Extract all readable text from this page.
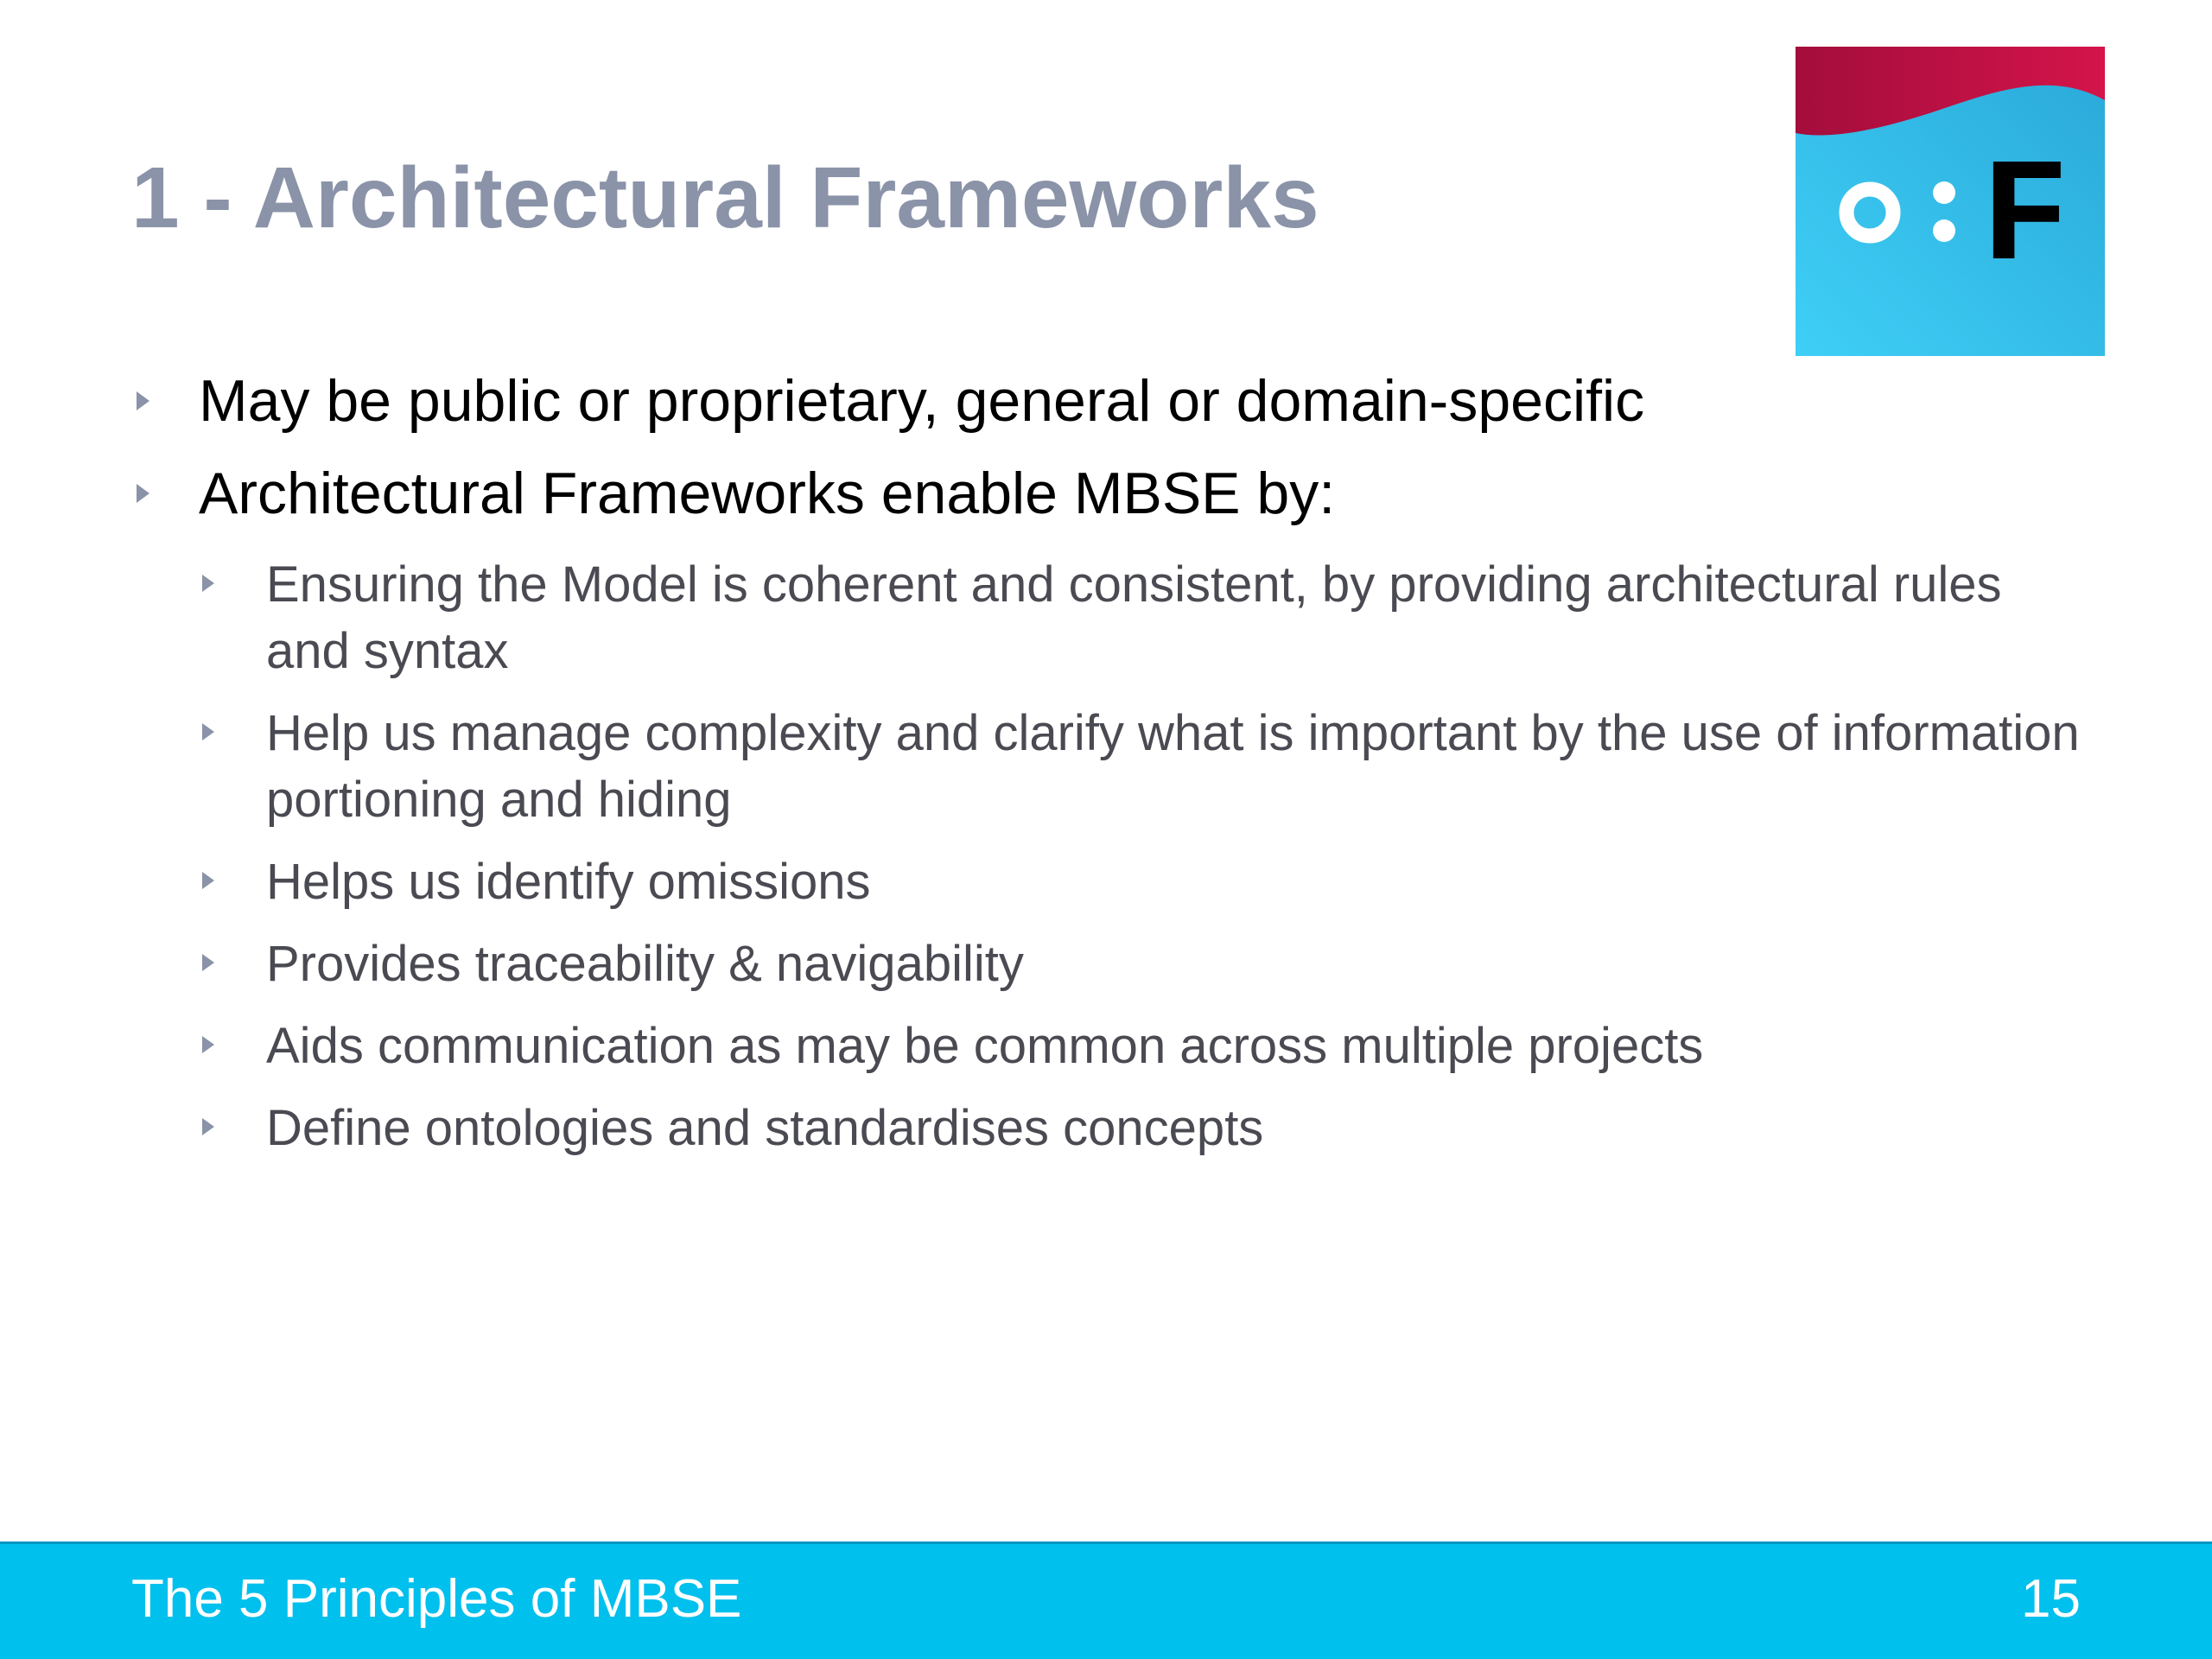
1 - Architectural Frameworks	F
May be public or proprietary, general or domain-specific
Architectural Frameworks enable MBSE by:
Ensuring the Model is coherent and consistent, by providing architectural rules and syntax
Help us manage complexity and clarify what is important by the use of information portioning and hiding
Helps us identify omissions
Provides traceability & navigability
Aids communication as may be common across multiple projects
Define ontologies and standardises concepts
The 5 Principles of MBSE	15
